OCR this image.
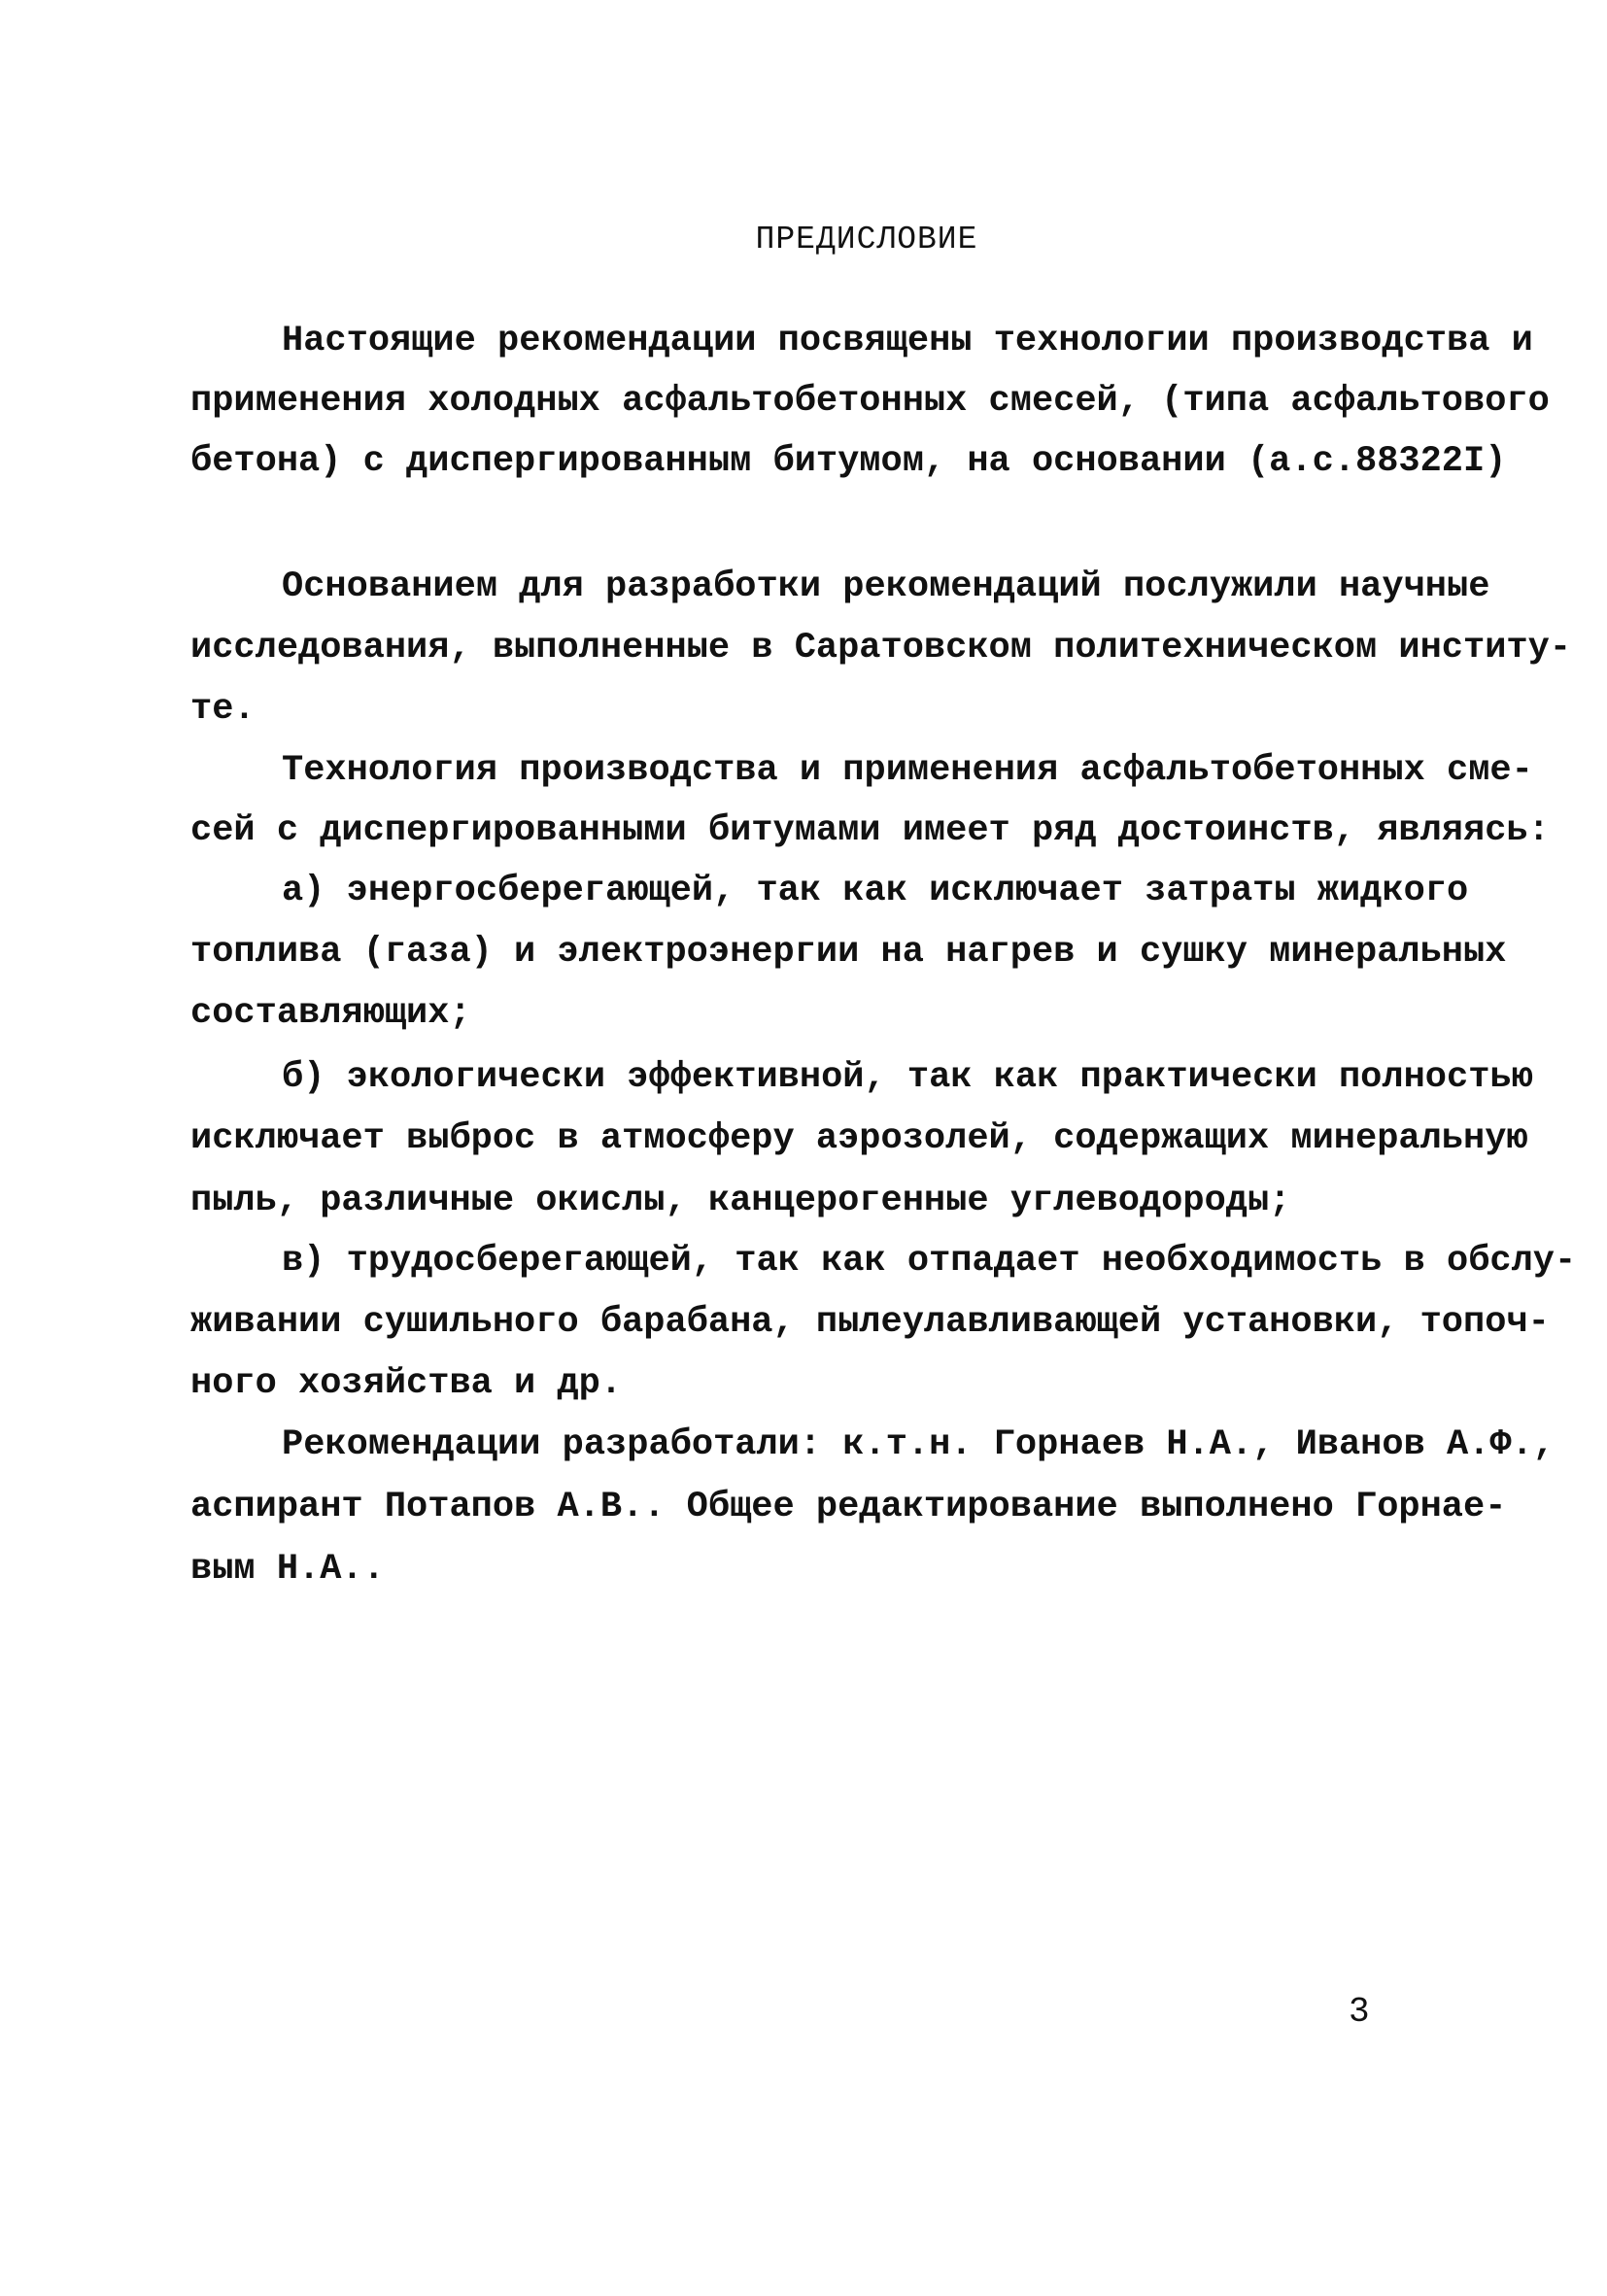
ПРЕДИСЛОВИЕ
Настоящие рекомендации посвящены технологии производства и
применения холодных асфальтобетонных смесей, (типа асфальтового
бетона) с диспергированным битумом, на основании (а.с.88322I)
Основанием для разработки рекомендаций послужили научные
исследования, выполненные в Саратовском политехническом институ-
те.
Технология производства и применения асфальтобетонных сме-
сей с диспергированными битумами имеет ряд достоинств, являясь:
а) энергосберегающей, так как исключает затраты жидкого
топлива (газа) и электроэнергии на нагрев и сушку минеральных
составляющих;
б) экологически эффективной, так как практически полностью
исключает выброс в атмосферу аэрозолей, содержащих минеральную
пыль, различные окислы, канцерогенные углеводороды;
в) трудосберегающей, так как отпадает необходимость в обслу-
живании сушильного барабана, пылеулавливающей установки, топоч-
ного хозяйства и др.
Рекомендации разработали: к.т.н. Горнаев Н.А., Иванов А.Ф.,
аспирант Потапов А.В.. Общее редактирование выполнено Горнае-
вым Н.А..
3
